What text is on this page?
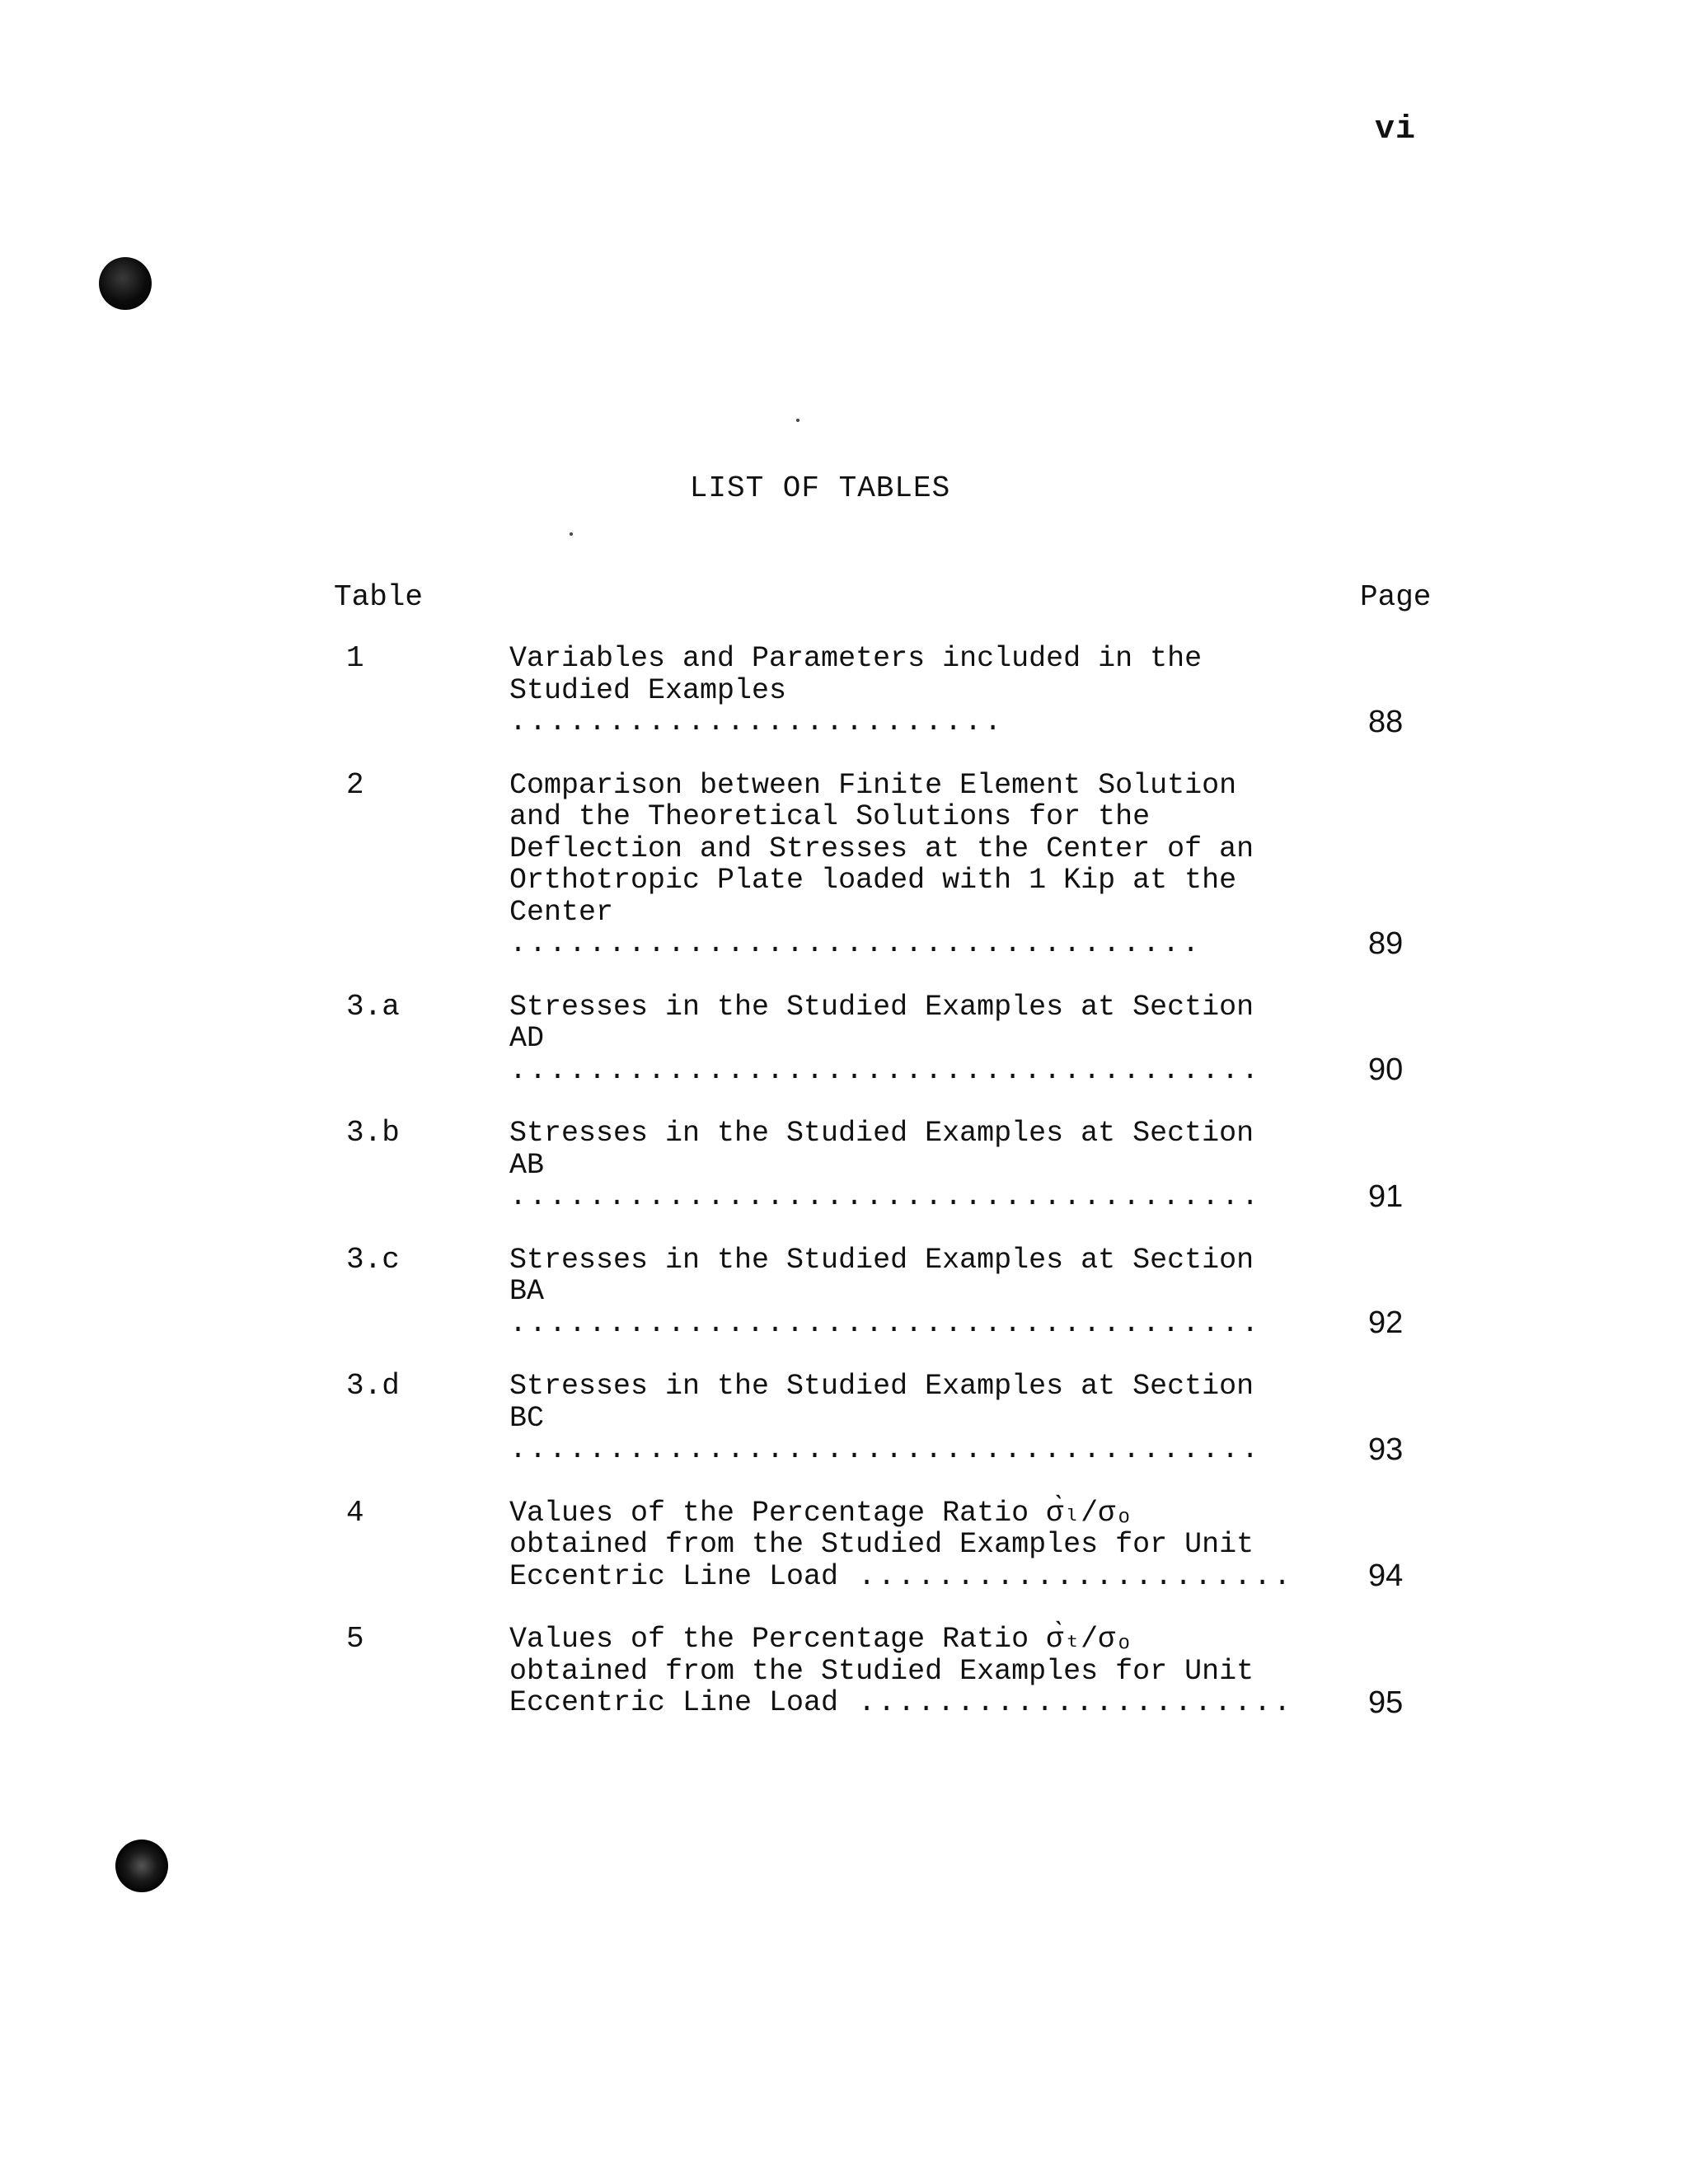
vi
LIST OF TABLES
Table	Page
1	Variables and Parameters included in the
Studied Examples .........................	88
2	Comparison between Finite Element Solution
and the Theoretical Solutions for the
Deflection and Stresses at the Center of an
Orthotropic Plate loaded with 1 Kip at the
Center ...................................	89
3.a	Stresses in the Studied Examples at Section
AD ......................................	90
3.b	Stresses in the Studied Examples at Section
AB ......................................	91
3.c	Stresses in the Studied Examples at Section
BA ......................................	92
3.d	Stresses in the Studied Examples at Section
BC ......................................	93
4	Values of the Percentage Ratio σ̀ₗ/σₒ
obtained from the Studied Examples for Unit
Eccentric Line Load ...................... 94
5	Values of the Percentage Ratio σ̀ₜ/σₒ
obtained from the Studied Examples for Unit
Eccentric Line Load ...................... 95
